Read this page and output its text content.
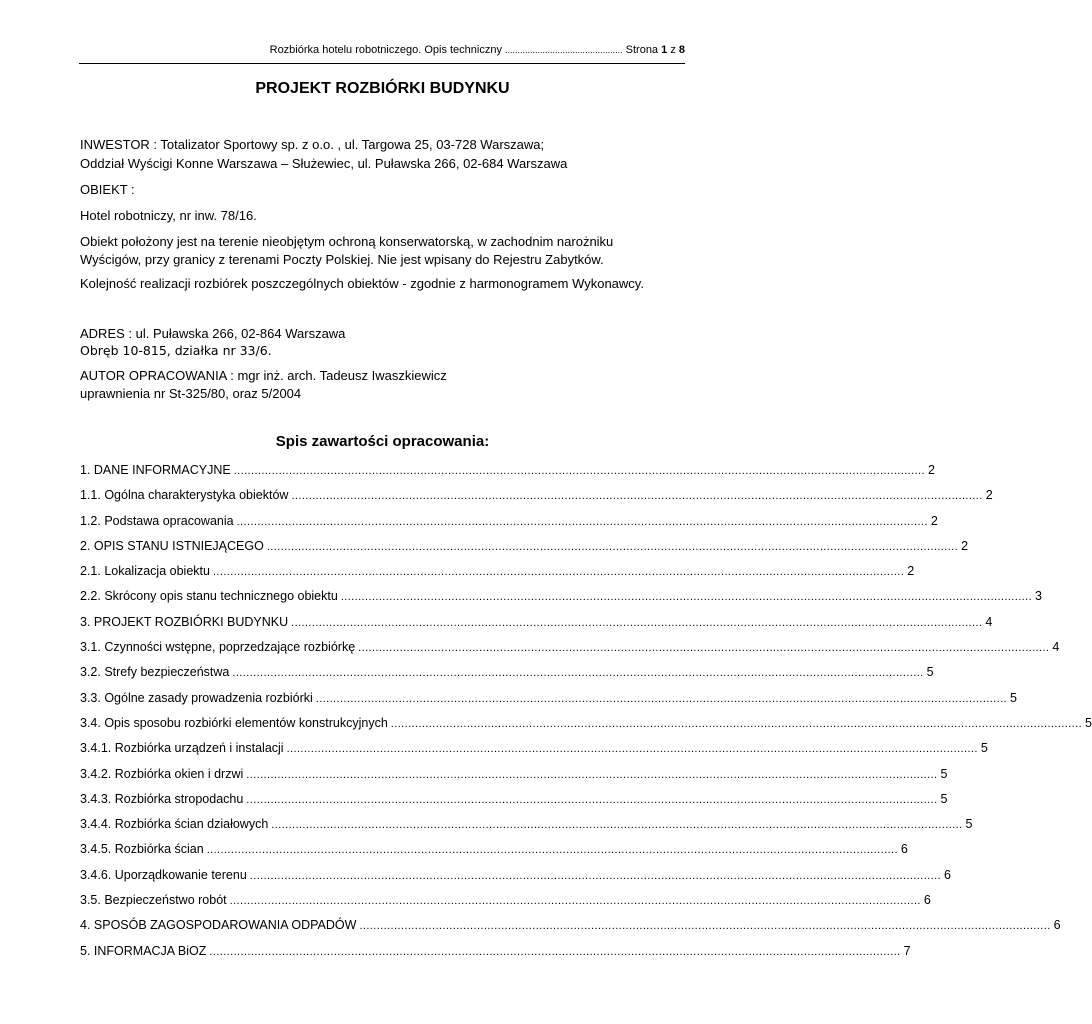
Rozbiórka hotelu robotniczego. Opis techniczny ............................................... Strona 1 z 8
PROJEKT ROZBIÓRKI BUDYNKU
INWESTOR : Totalizator Sportowy sp. z o.o. , ul. Targowa 25, 03-728 Warszawa;
Oddział Wyścigi Konne Warszawa – Służewiec, ul. Puławska 266, 02-684 Warszawa
OBIEKT :
Hotel robotniczy, nr inw. 78/16.
Obiekt położony jest na terenie nieobjętym ochroną konserwatorską, w zachodnim narożniku
Wyścigów, przy granicy z terenami Poczty Polskiej. Nie jest wpisany do Rejestru Zabytków.
Kolejność realizacji rozbiórek poszczególnych obiektów - zgodnie z harmonogramem Wykonawcy.
ADRES : ul. Puławska 266, 02-864 Warszawa
Obręb 10-815, działka nr 33/6.
AUTOR OPRACOWANIA : mgr inż. arch. Tadeusz Iwaszkiewicz
uprawnienia nr St-325/80, oraz 5/2004
Spis zawartości opracowania:
1. DANE INFORMACYJNE ........................................................................................................................................................................................................ 2
1.1. Ogólna charakterystyka obiektów ........................................................................................................................................................................................................ 2
1.2. Podstawa opracowania ........................................................................................................................................................................................................ 2
2. OPIS STANU ISTNIEJĄCEGO ........................................................................................................................................................................................................ 2
2.1. Lokalizacja obiektu ........................................................................................................................................................................................................ 2
2.2. Skrócony opis stanu technicznego obiektu ........................................................................................................................................................................................................ 3
3. PROJEKT ROZBIÓRKI BUDYNKU ........................................................................................................................................................................................................ 4
3.1. Czynności wstępne, poprzedzające rozbiórkę ........................................................................................................................................................................................................ 4
3.2. Strefy bezpieczeństwa ........................................................................................................................................................................................................ 5
3.3. Ogólne zasady prowadzenia rozbiórki ........................................................................................................................................................................................................ 5
3.4. Opis sposobu rozbiórki elementów konstrukcyjnych ........................................................................................................................................................................................................ 5
3.4.1. Rozbiórka urządzeń i instalacji ........................................................................................................................................................................................................ 5
3.4.2. Rozbiórka okien i drzwi ........................................................................................................................................................................................................ 5
3.4.3. Rozbiórka stropodachu ........................................................................................................................................................................................................ 5
3.4.4. Rozbiórka ścian działowych ........................................................................................................................................................................................................ 5
3.4.5. Rozbiórka ścian ........................................................................................................................................................................................................ 6
3.4.6. Uporządkowanie terenu ........................................................................................................................................................................................................ 6
3.5. Bezpieczeństwo robót ........................................................................................................................................................................................................ 6
4. SPOSÓB ZAGOSPODAROWANIA ODPADÓW ........................................................................................................................................................................................................ 6
5. INFORMACJA BiOZ ........................................................................................................................................................................................................ 7
